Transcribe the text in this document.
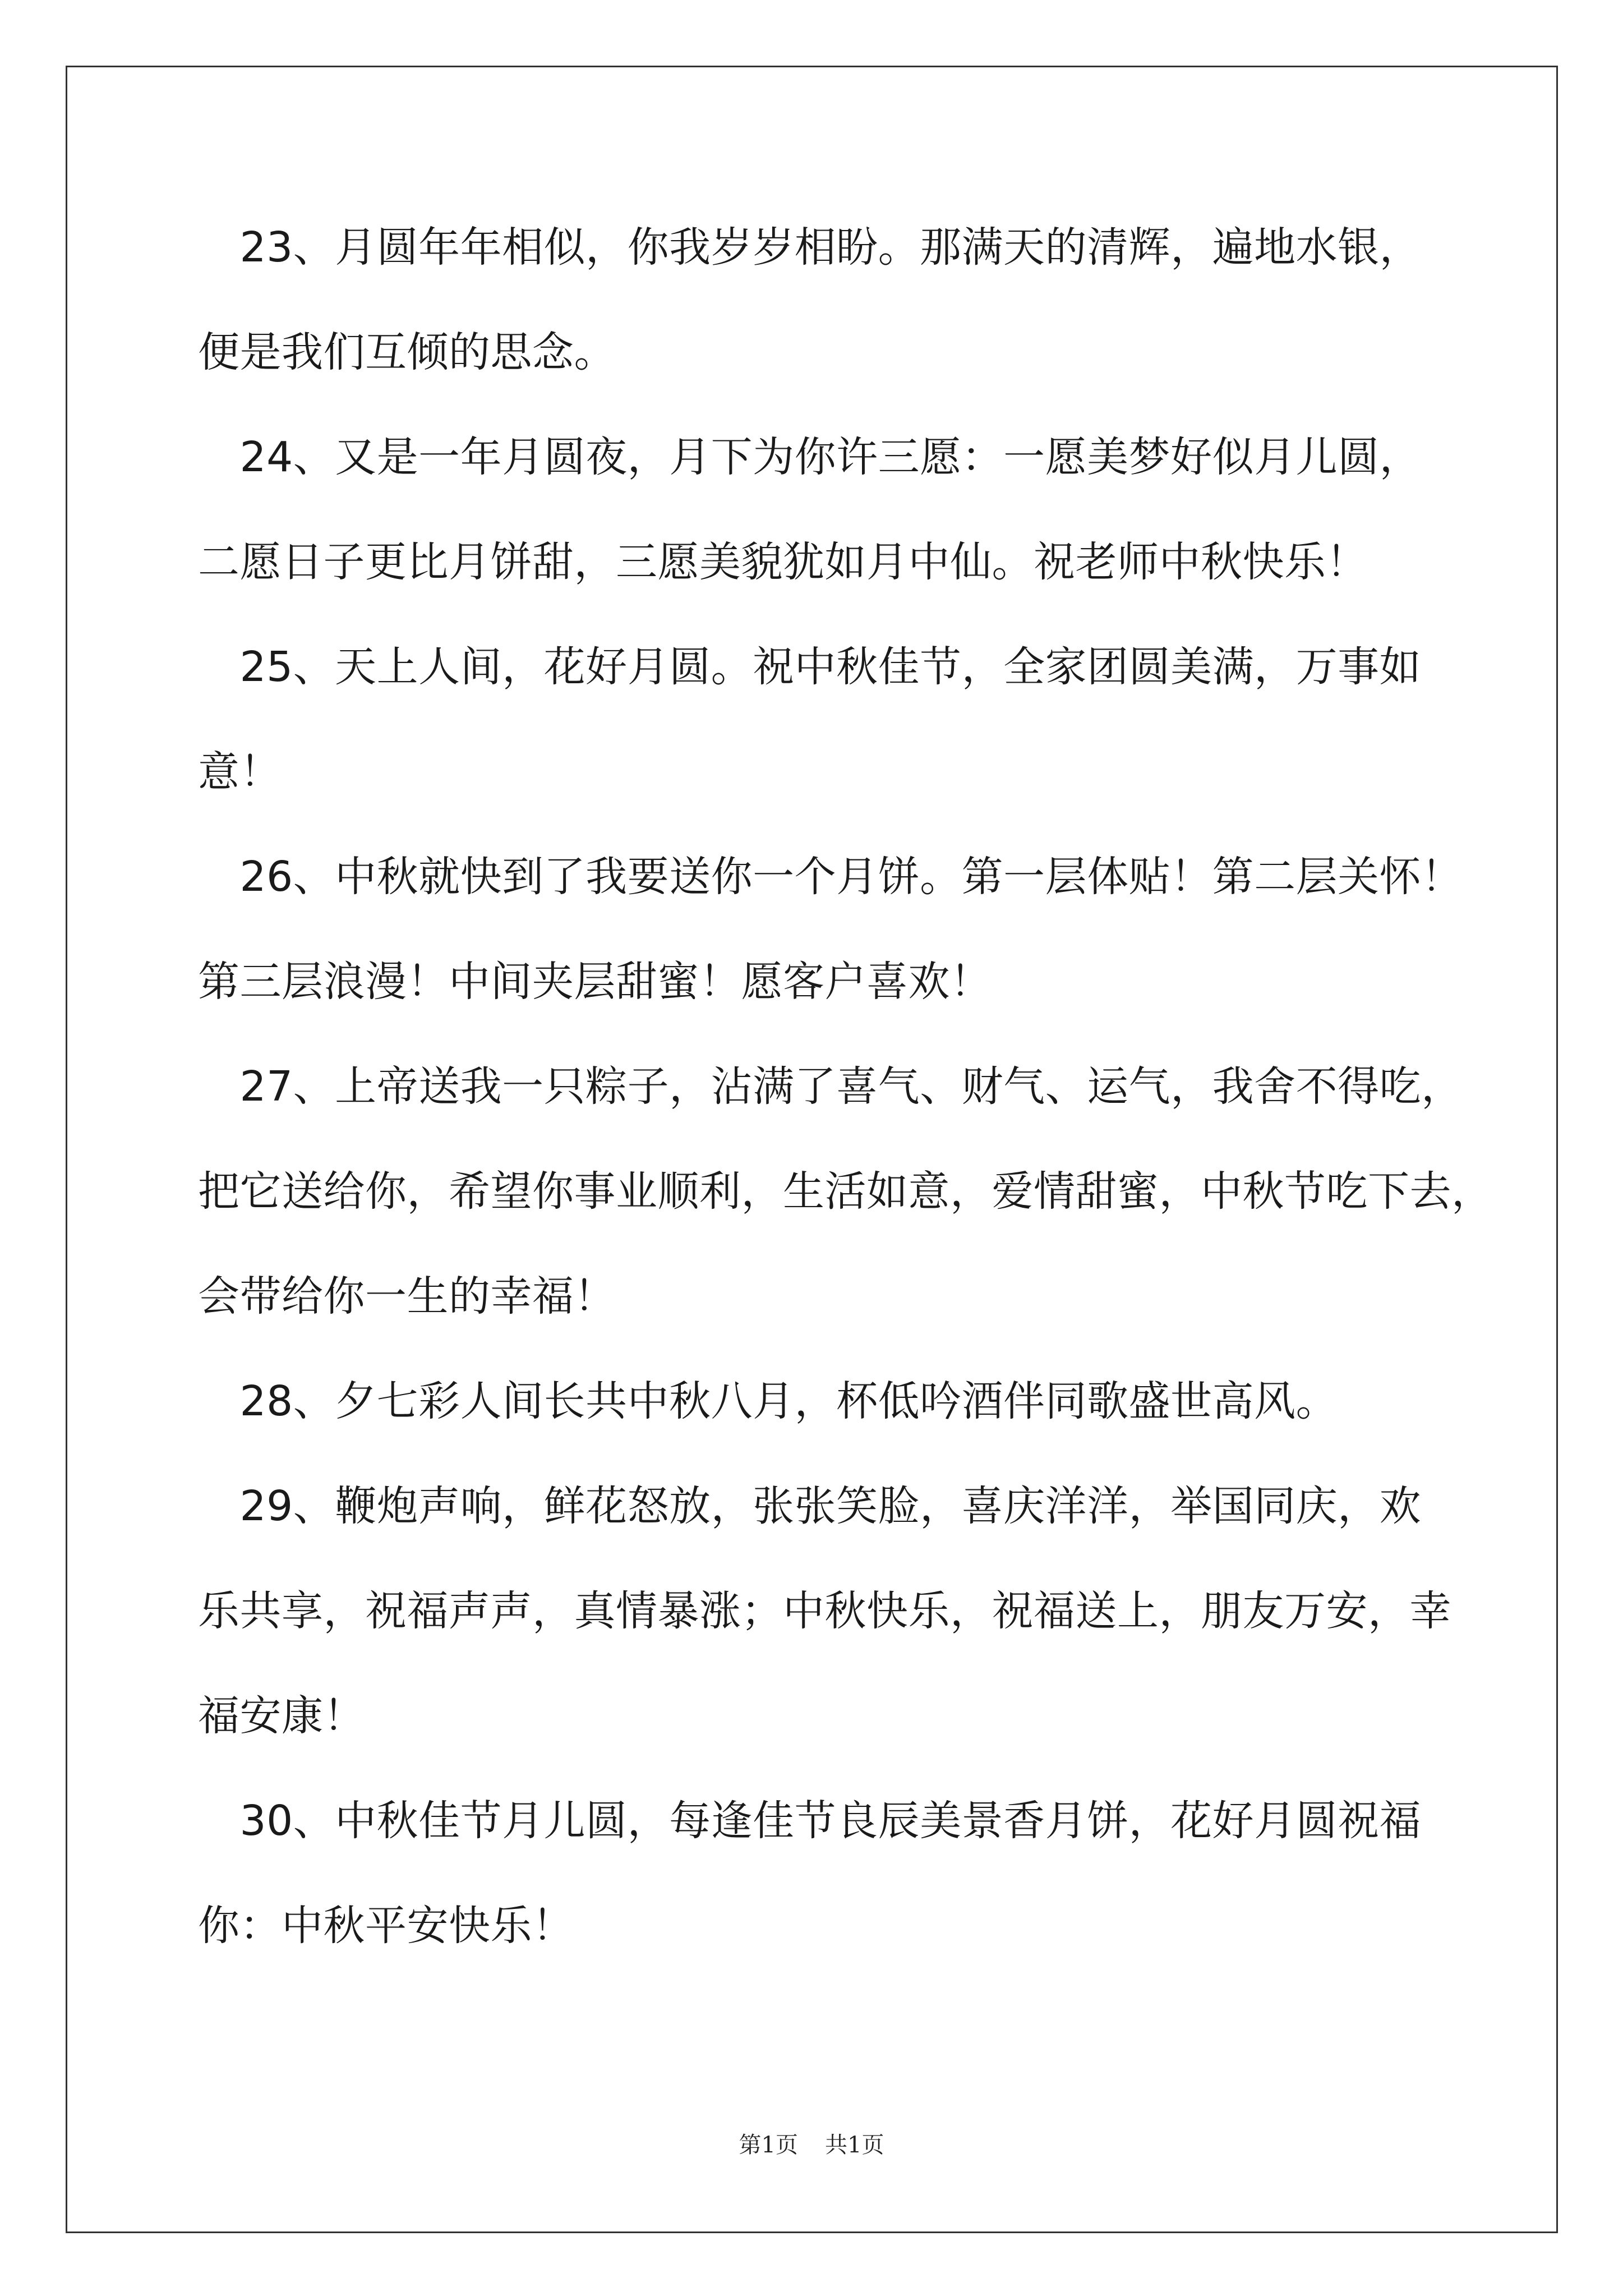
　23、月圆年年相似，你我岁岁相盼。那满天的清辉，遍地水银，
便是我们互倾的思念。
　24、又是一年月圆夜，月下为你许三愿：一愿美梦好似月儿圆，
二愿日子更比月饼甜，三愿美貌犹如月中仙。祝老师中秋快乐！
　25、天上人间，花好月圆。祝中秋佳节，全家团圆美满，万事如
意！
　26、中秋就快到了我要送你一个月饼。第一层体贴！第二层关怀！
第三层浪漫！中间夹层甜蜜！愿客户喜欢！
　27、上帝送我一只粽子，沾满了喜气、财气、运气，我舍不得吃，
把它送给你，希望你事业顺利，生活如意，爱情甜蜜，中秋节吃下去，
会带给你一生的幸福！
　28、夕七彩人间长共中秋八月，杯低吟酒伴同歌盛世高风。
　29、鞭炮声响，鲜花怒放，张张笑脸，喜庆洋洋，举国同庆，欢
乐共享，祝福声声，真情暴涨；中秋快乐，祝福送上，朋友万安，幸
福安康！
　30、中秋佳节月儿圆，每逢佳节良辰美景香月饼，花好月圆祝福
你：中秋平安快乐！
第1页 共1页
